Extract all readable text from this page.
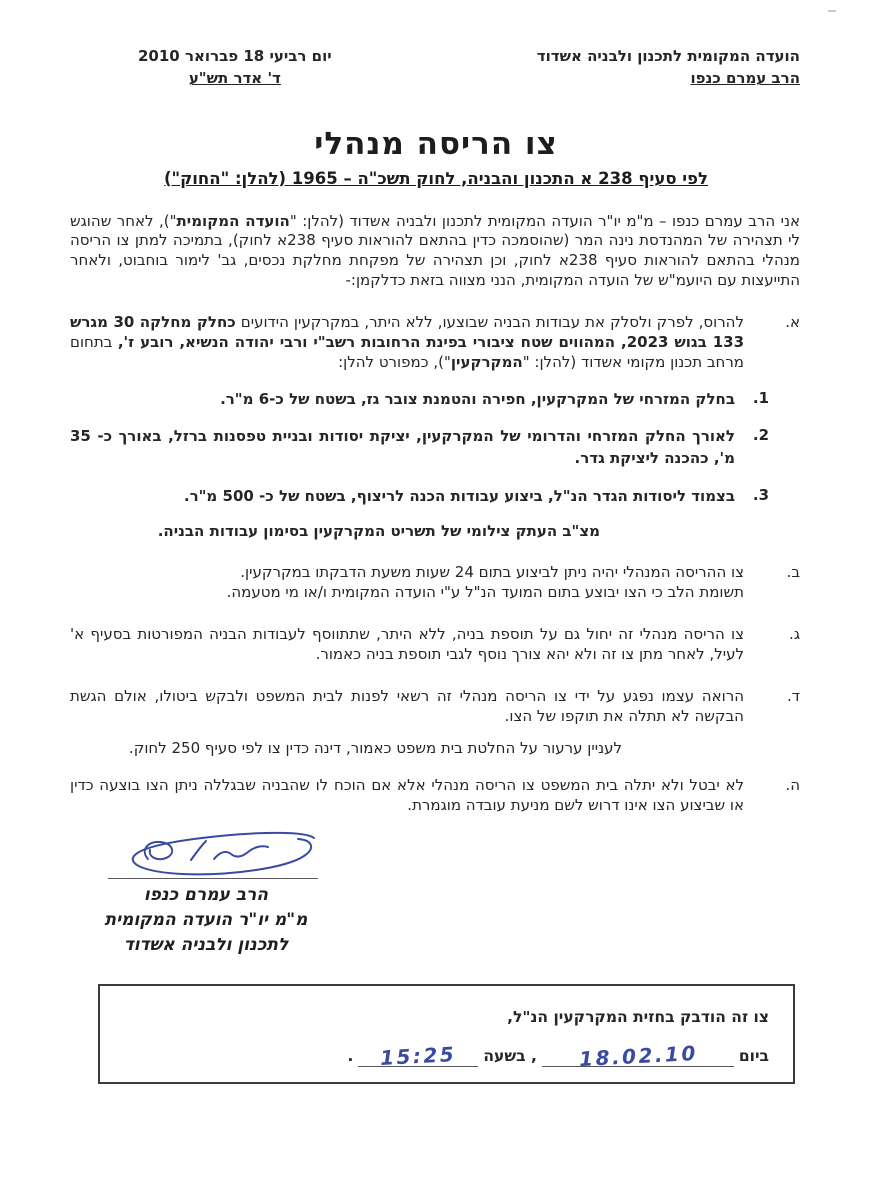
הועדה המקומית לתכנון ולבניה אשדוד
הרב עמרם כנפו
יום רביעי 18 פברואר 2010
ד' אדר תש"ע
צו הריסה מנהלי
לפי סעיף 238 א התכנון והבניה, לחוק תשכ"ה – 1965 (להלן: "החוק")

אני הרב עמרם כנפו – מ"מ יו"ר הועדה המקומית לתכנון ולבניה אשדוד (להלן: "הועדה המקומית"), לאחר שהוגש לי תצהירה של המהנדסת נינה המר (שהוסמכה כדין בהתאם להוראות סעיף 238א לחוק), בתמיכה למתן צו הריסה מנהלי בהתאם להוראות סעיף 238א לחוק, וכן תצהירה של מפקחת מחלקת נכסים, גב' לימור בוחבוט, ולאחר התייעצות עם היועמ"ש של הועדה המקומית, הנני מצווה בזאת כדלקמן:-

א.
להרוס, לפרק ולסלק את עבודות הבניה שבוצעו, ללא היתר, במקרקעין הידועים כחלק מחלקה 30 מגרש 133 בגוש 2023, המהווים שטח ציבורי בפינת הרחובות רשב"י ורבי יהודה הנשיא, רובע ז', בתחום מרחב תכנון מקומי אשדוד (להלן: "המקרקעין"), כמפורט להלן:
1.
בחלק המזרחי של המקרקעין, חפירה והטמנת צובר גז, בשטח של כ-6 מ"ר.
2.
לאורך החלק המזרחי והדרומי של המקרקעין, יציקת יסודות ובניית טפסנות ברזל, באורך כ- 35 מ', כהכנה ליציקת גדר.
3.
בצמוד ליסודות הגדר הנ"ל, ביצוע עבודות הכנה לריצוף, בשטח של כ- 500 מ"ר.
מצ"ב העתק צילומי של תשריט המקרקעין בסימון עבודות הבניה.
ב.
צו ההריסה המנהלי יהיה ניתן לביצוע בתום 24 שעות משעת הדבקתו במקרקעין.
תשומת הלב כי הצו יבוצע בתום המועד הנ"ל ע"י הועדה המקומית ו/או מי מטעמה.
ג.
צו הריסה מנהלי זה יחול גם על תוספת בניה, ללא היתר, שתתווסף לעבודות הבניה המפורטות בסעיף א' לעיל, לאחר מתן צו זה ולא יהא צורך נוסף לגבי תוספת בניה כאמור.
ד.
הרואה עצמו נפגע על ידי צו הריסה מנהלי זה רשאי לפנות לבית המשפט ולבקש ביטולו, אולם הגשת הבקשה לא תתלה את תוקפו של הצו.
לעניין ערעור על החלטת בית משפט כאמור, דינה כדין צו לפי סעיף 250 לחוק.
ה.
לא יבטל ולא יתלה בית המשפט צו הריסה מנהלי אלא אם הוכח לו שהבניה שבגללה ניתן הצו בוצעה כדין או שביצוע הצו אינו דרוש לשם מניעת עובדה מוגמרת.
הרב עמרם כנפו
מ"מ יו"ר הועדה המקומית
לתכנון ולבניה אשדוד
צו זה הודבק בחזית המקרקעין הנ"ל,
ביום18.02.10, בשעה15:25.
